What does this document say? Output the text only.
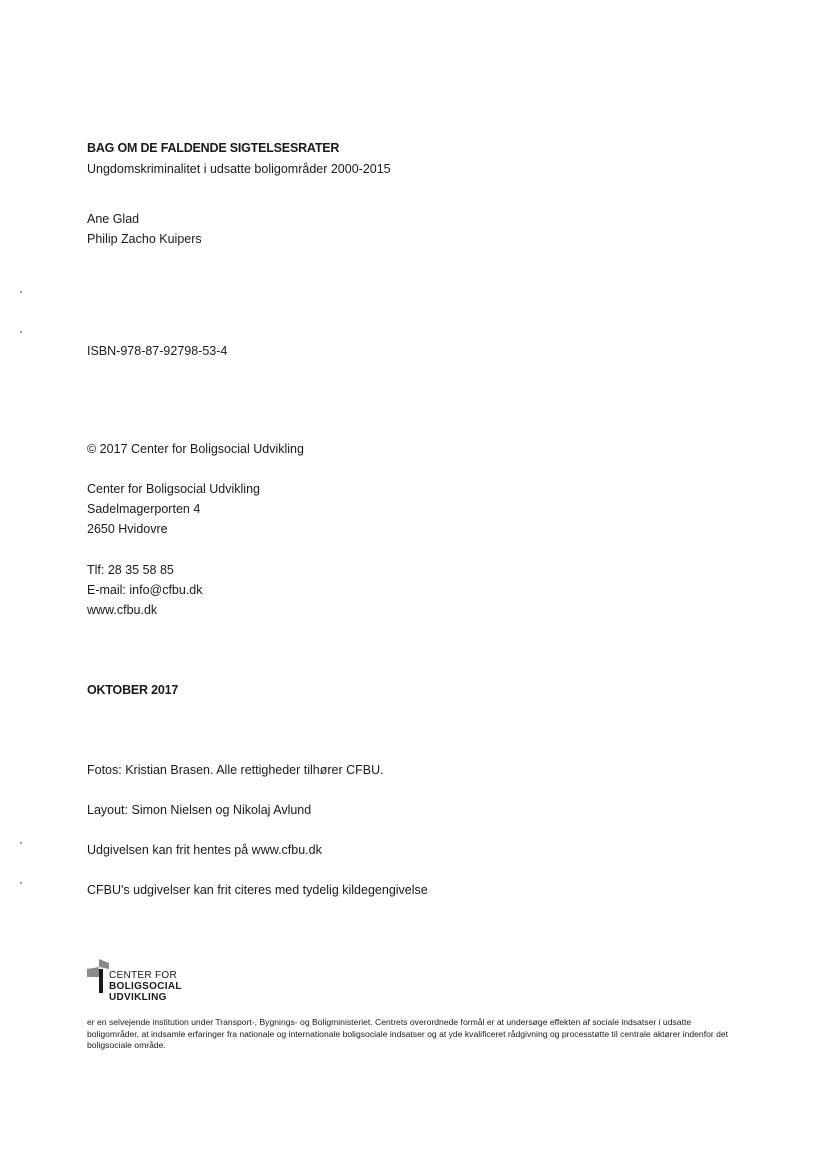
BAG OM DE FALDENDE SIGTELSESRATER
Ungdomskriminalitet i udsatte boligområder 2000-2015

Ane Glad

Philip Zacho Kuipers

ISBN-978-87-92798-53-4

© 2017 Center for Boligsocial Udvikling

Center for Boligsocial Udvikling

Sadelmagerporten 4

2650 Hvidovre

Tlf: 28 35 58 85

E-mail: info@cfbu.dk

www.cfbu.dk

OKTOBER 2017

Fotos: Kristian Brasen. Alle rettigheder tilhører CFBU.

Layout: Simon Nielsen og Nikolaj Avlund

Udgivelsen kan frit hentes på www.cfbu.dk

CFBU's udgivelser kan frit citeres med tydelig kildegengivelse

CENTER FOR
BOLIGSOCIAL
UDVIKLING
er en selvejende institution under Transport-, Bygnings- og Boligministeriet. Centrets overordnede formål er at undersøge effekten af sociale indsatser i udsatte boligområder, at indsamle erfaringer fra nationale og internationale boligsociale indsatser og at yde kvalificeret rådgivning og processtøtte til centrale aktører indenfor det boligsociale område.
